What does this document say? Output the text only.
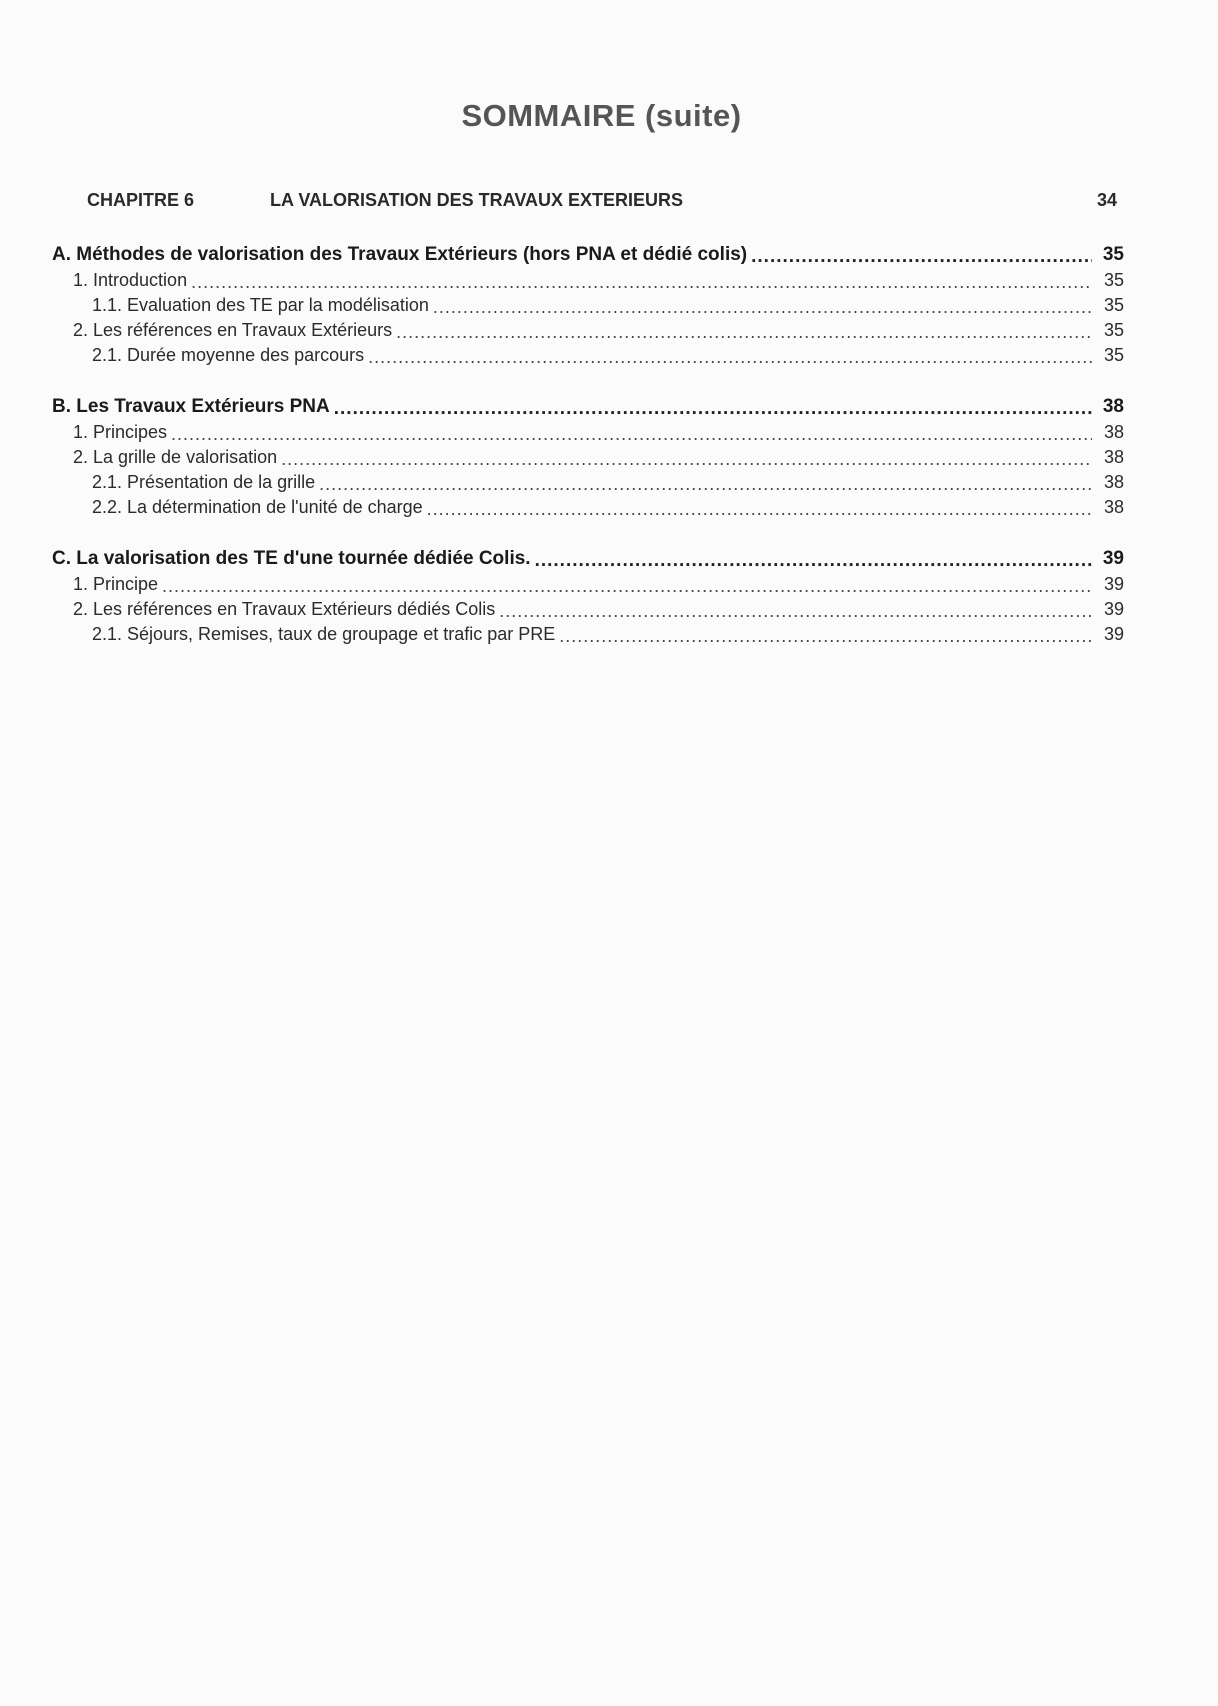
SOMMAIRE (suite)
CHAPITRE 6	LA VALORISATION DES TRAVAUX EXTERIEURS	34
A. Méthodes de valorisation des Travaux Extérieurs (hors PNA et dédié colis) .....	35
1. Introduction .....	35
1.1. Evaluation des TE par la modélisation .....	35
2. Les références en Travaux Extérieurs .....	35
2.1. Durée moyenne des parcours .....	35
B. Les Travaux Extérieurs PNA .....	38
1. Principes .....	38
2. La grille de valorisation .....	38
2.1. Présentation de la grille .....	38
2.2. La détermination de l'unité de charge .....	38
C. La valorisation des TE d'une tournée dédiée Colis. .....	39
1. Principe .....	39
2. Les références en Travaux Extérieurs dédiés Colis .....	39
2.1. Séjours, Remises, taux de groupage et trafic par PRE .....	39
